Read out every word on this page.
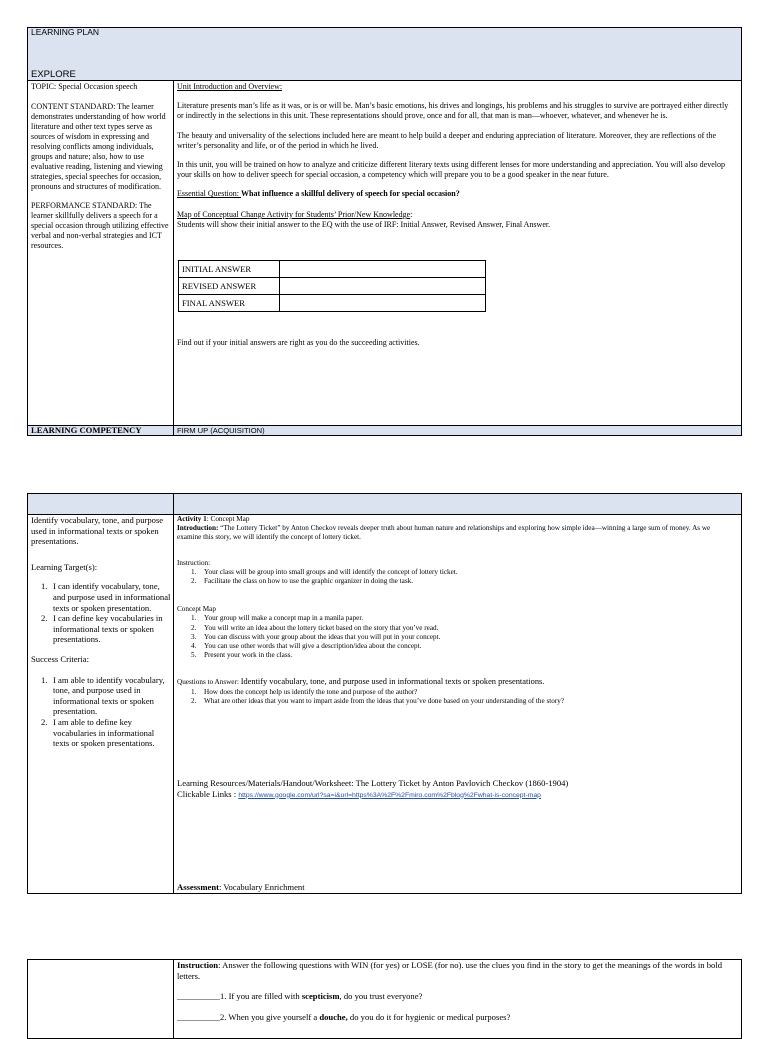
LEARNING PLAN
EXPLORE

TOPIC: Special Occasion speech

CONTENT STANDARD: The learner demonstrates understanding of how world literature and other text types serve as sources of wisdom in expressing and resolving conflicts among individuals, groups and nature; also, how to use evaluative reading, listening and viewing strategies, special speeches for occasion, pronouns and structures of modification.

PERFORMANCE STANDARD: The learner skillfully delivers a speech for a special occasion through utilizing effective verbal and non-verbal strategies and ICT resources.

Unit Introduction and Overview:

Literature presents man’s life as it was, or is or will be. Man’s basic emotions, his drives and longings, his problems and his struggles to survive are portrayed either directly or indirectly in the selections in this unit. These representations should prove, once and for all, that man is man—whoever, whatever, and whenever he is.

The beauty and universality of the selections included here are meant to help build a deeper and enduring appreciation of literature. Moreover, they are reflections of the writer’s personality and life, or of the period in which he lived.

In this unit, you will be trained on how to analyze and criticize different literary texts using different lenses for more understanding and appreciation. You will also develop your skills on how to deliver speech for special occasion, a competency which will prepare you to be a good speaker in the near future.

Essential Question: What influence a skillful delivery of speech for special occasion?

Map of Conceptual Change Activity for Students’ Prior/New Knowledge:

Students will show their initial answer to the EQ with the use of IRF: Initial Answer, Revised Answer, Final Answer.

INITIAL ANSWER	
REVISED ANSWER	
FINAL ANSWER	
Find out if your initial answers are right as you do the succeeding activities.
LEARNING COMPETENCY	FIRM UP (ACQUISITION)

Identify vocabulary, tone, and purpose used in informational texts or spoken presentations.

Learning Target(s):

1. I can identify vocabulary, tone, and purpose used in informational texts or spoken presentation.
2. I can define key vocabularies in informational texts or spoken presentations.

Success Criteria:

1. I am able to identify vocabulary, tone, and purpose used in informational texts or spoken presentation.
2. I am able to define key vocabularies in informational texts or spoken presentations.

Activity 1: Concept Map

Introduction: “The Lottery Ticket” by Anton Checkov reveals deeper truth about human nature and relationships and exploring how simple idea—winning a large sum of money. As we examine this story, we will identify the concept of lottery ticket.

Instruction:

1. Your class will be group into small groups and will identify the concept of lottery ticket.
2. Facilitate the class on how to use the graphic organizer in doing the task.

Concept Map

1. Your group will make a concept map in a manila paper.
2. You will write an idea about the lottery ticket based on the story that you’ve read.
3. You can discuss with your group about the ideas that you will put in your concept.
4. You can use other words that will give a description/idea about the concept.
5. Present your work in the class.

Questions to Answer: Identify vocabulary, tone, and purpose used in informational texts or spoken presentations.

1. How does the concept help us identify the tone and purpose of the author?
2. What are other ideas that you want to impart aside from the ideas that you’ve done based on your understanding of the story?

Learning Resources/Materials/Handout/Worksheet: The Lottery Ticket by Anton Pavlovich Checkov (1860-1904)

Clickable Links : https://www.google.com/url?sa=i&url=https%3A%2F%2Fmiro.com%2Fblog%2Fwhat-is-concept-map

Assessment: Vocabulary Enrichment

Instruction: Answer the following questions with WIN (for yes) or LOSE (for no). use the clues you find in the story to get the meanings of the words in bold letters.

__________1. If you are filled with scepticism, do you trust everyone?

__________2. When you give yourself a douche, do you do it for hygienic or medical purposes?
